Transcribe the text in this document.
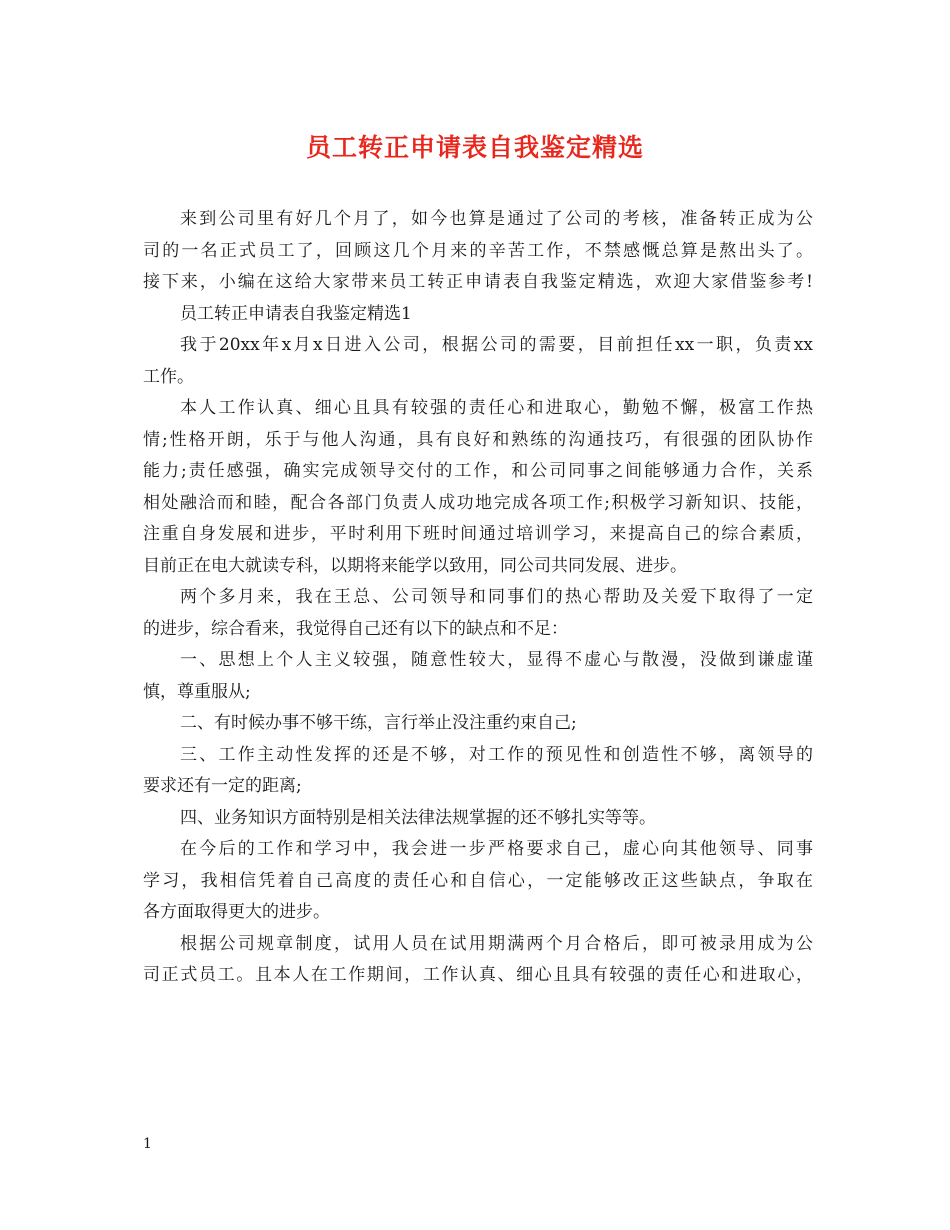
员工转正申请表自我鉴定精选
来到公司里有好几个月了，如今也算是通过了公司的考核，准备转正成为公
司的一名正式员工了，回顾这几个月来的辛苦工作，不禁感慨总算是熬出头了。
接下来，小编在这给大家带来员工转正申请表自我鉴定精选，欢迎大家借鉴参考!
员工转正申请表自我鉴定精选1
我于20xx年x月x日进入公司，根据公司的需要，目前担任xx一职，负责xx
工作。
本人工作认真、细心且具有较强的责任心和进取心，勤勉不懈，极富工作热
情;性格开朗，乐于与他人沟通，具有良好和熟练的沟通技巧，有很强的团队协作
能力;责任感强，确实完成领导交付的工作，和公司同事之间能够通力合作，关系
相处融洽而和睦，配合各部门负责人成功地完成各项工作;积极学习新知识、技能，
注重自身发展和进步，平时利用下班时间通过培训学习，来提高自己的综合素质，
目前正在电大就读专科，以期将来能学以致用，同公司共同发展、进步。
两个多月来，我在王总、公司领导和同事们的热心帮助及关爱下取得了一定
的进步，综合看来，我觉得自己还有以下的缺点和不足：
一、思想上个人主义较强，随意性较大，显得不虚心与散漫，没做到谦虚谨
慎，尊重服从;
二、有时候办事不够干练，言行举止没注重约束自己;
三、工作主动性发挥的还是不够，对工作的预见性和创造性不够，离领导的
要求还有一定的距离;
四、业务知识方面特别是相关法律法规掌握的还不够扎实等等。
在今后的工作和学习中，我会进一步严格要求自己，虚心向其他领导、同事
学习，我相信凭着自己高度的责任心和自信心，一定能够改正这些缺点，争取在
各方面取得更大的进步。
根据公司规章制度，试用人员在试用期满两个月合格后，即可被录用成为公
司正式员工。且本人在工作期间，工作认真、细心且具有较强的责任心和进取心，
1
